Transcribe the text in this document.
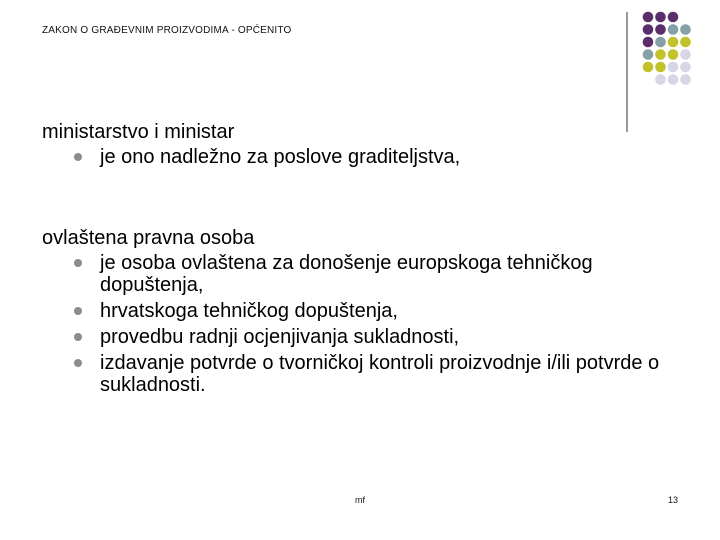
ZAKON O GRAĐEVNIM PROIZVODIMA - OPĆENITO

ministarstvo i ministar

je ono nadležno za poslove graditeljstva,

ovlaštena pravna osoba

je osoba ovlaštena za donošenje europskoga tehničkog dopuštenja,
hrvatskoga tehničkog dopuštenja,
provedbu radnji ocjenjivanja sukladnosti,
izdavanje potvrde o tvorničkoj kontroli proizvodnje i/ili potvrde o sukladnosti.
mf	13
